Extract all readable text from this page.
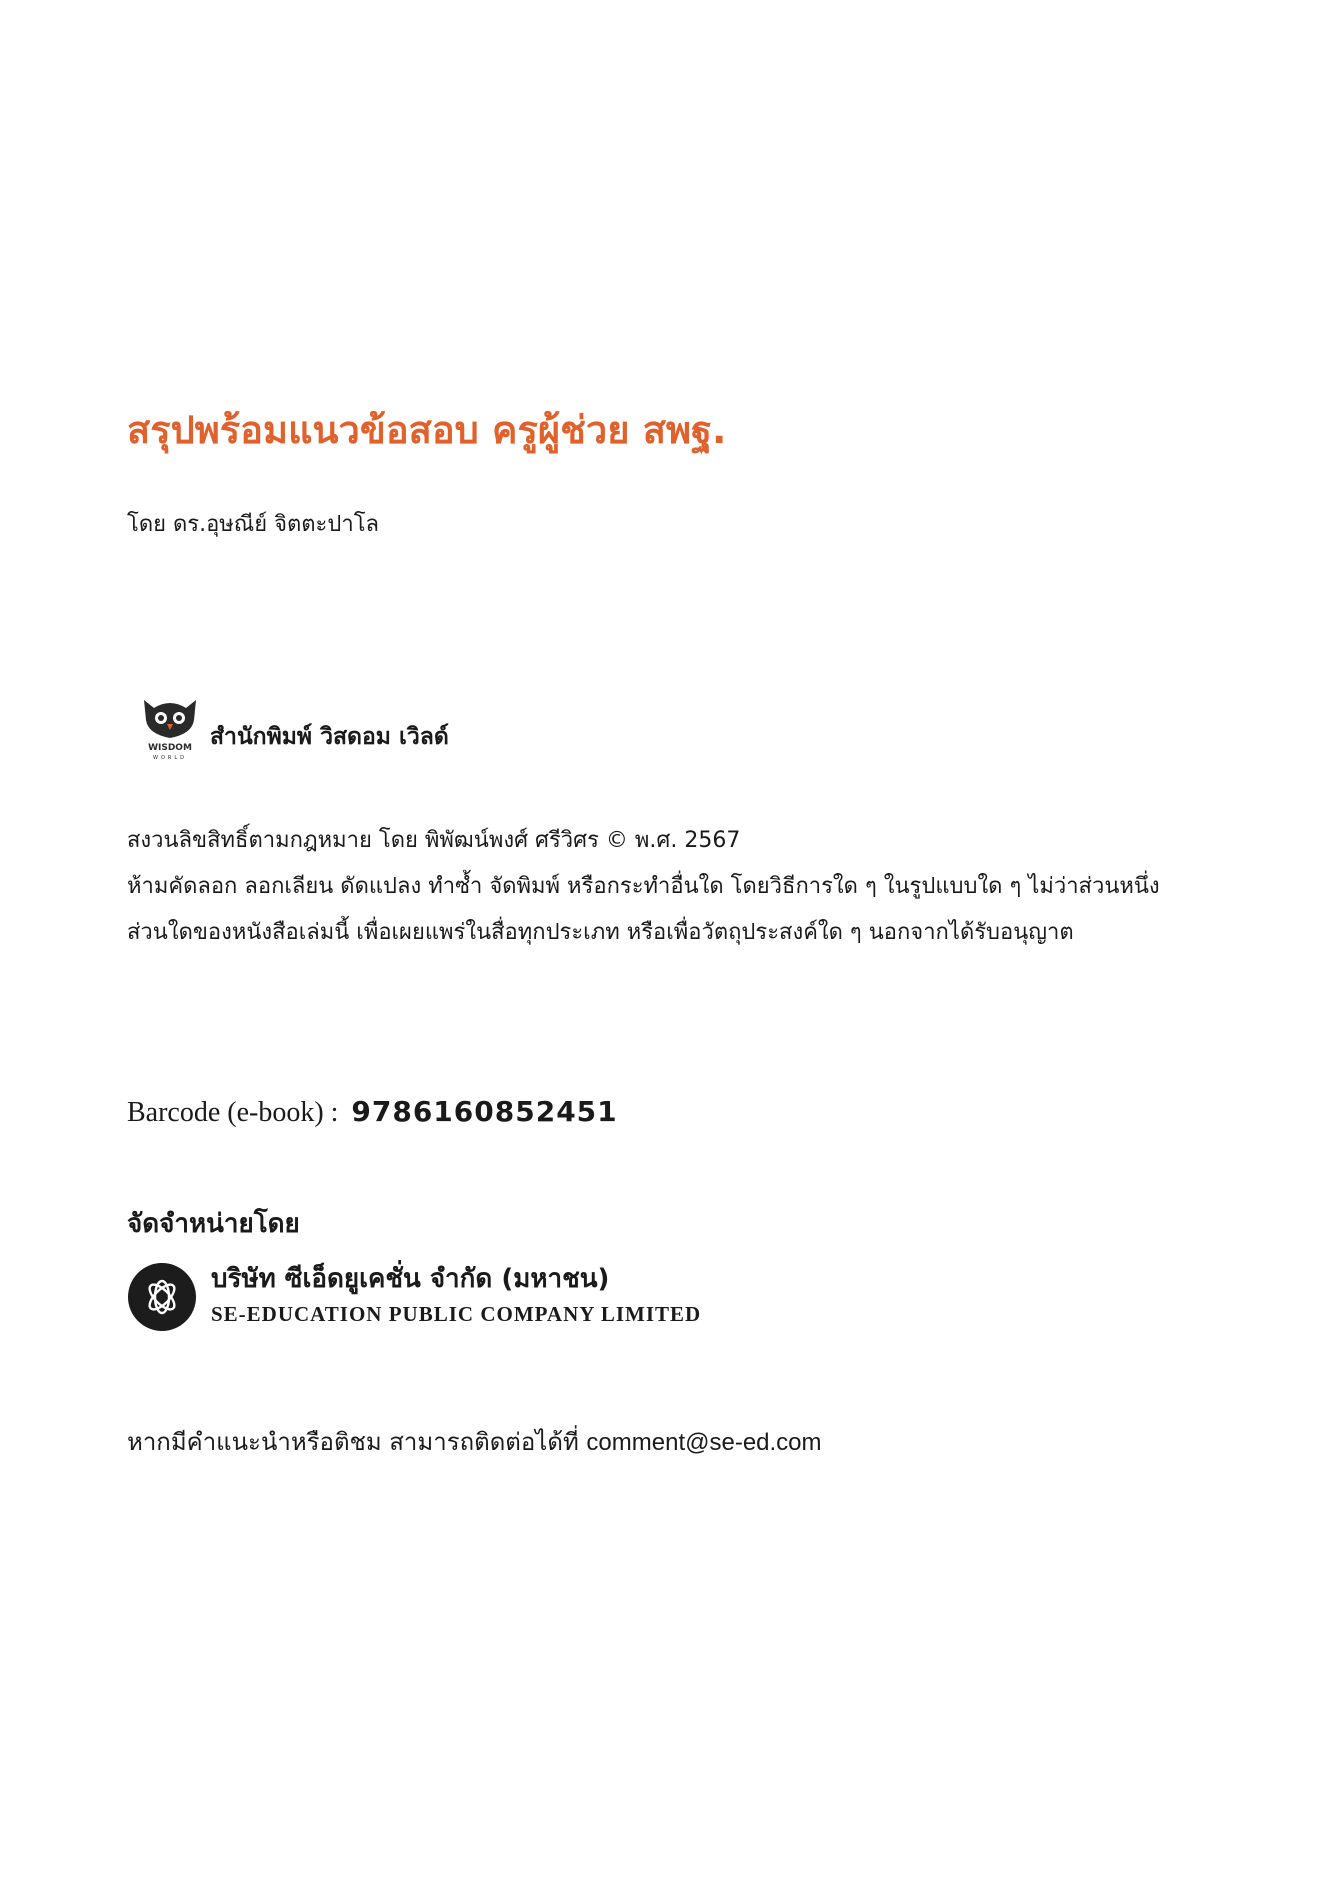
สรุปพร้อมแนวข้อสอบ ครูผู้ช่วย สพฐ.
โดย ดร.อุษณีย์ จิตตะปาโล
WISDOM
WORLD
สำนักพิมพ์ วิสดอม เวิลด์
สงวนลิขสิทธิ์ตามกฎหมาย โดย พิพัฒน์พงศ์ ศรีวิศร © พ.ศ. 2567
ห้ามคัดลอก ลอกเลียน ดัดแปลง ทำซ้ำ จัดพิมพ์ หรือกระทำอื่นใด โดยวิธีการใด ๆ ในรูปแบบใด ๆ ไม่ว่าส่วนหนึ่ง
ส่วนใดของหนังสือเล่มนี้ เพื่อเผยแพร่ในสื่อทุกประเภท หรือเพื่อวัตถุประสงค์ใด ๆ นอกจากได้รับอนุญาต
Barcode (e-book) : 9786160852451
จัดจำหน่ายโดย
บริษัท ซีเอ็ดยูเคชั่น จำกัด (มหาชน)
SE-EDUCATION PUBLIC COMPANY LIMITED
หากมีคำแนะนำหรือติชม สามารถติดต่อได้ที่ comment@se-ed.com
